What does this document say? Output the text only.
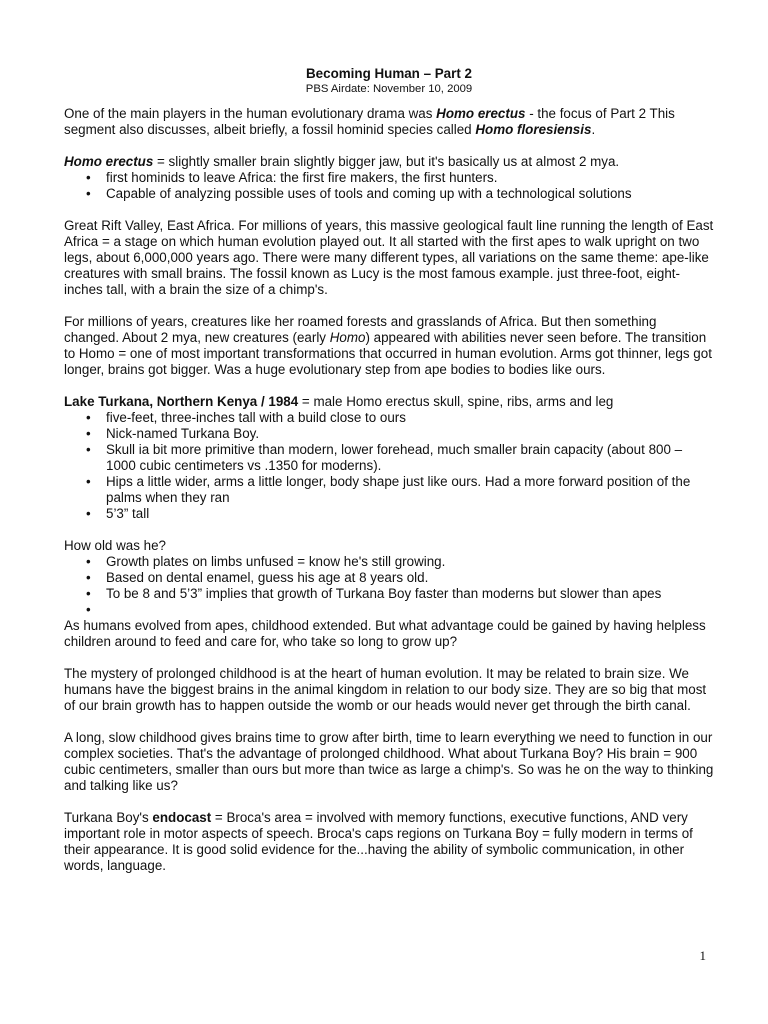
Becoming Human – Part 2

PBS Airdate: November 10, 2009

One of the main players in the human evolutionary drama was Homo erectus - the focus of Part 2 This segment also discusses, albeit briefly, a fossil hominid species called Homo floresiensis.

Homo erectus = slightly smaller brain slightly bigger jaw, but it's basically us at almost 2 mya.

• first hominids to leave Africa: the first fire makers, the first hunters.
• Capable of analyzing possible uses of tools and coming up with a technological solutions

Great Rift Valley, East Africa. For millions of years, this massive geological fault line running the length of East Africa = a stage on which human evolution played out. It all started with the first apes to walk upright on two legs, about 6,000,000 years ago. There were many different types, all variations on the same theme: ape-like creatures with small brains. The fossil known as Lucy is the most famous example. just three-foot, eight-inches tall, with a brain the size of a chimp's.

For millions of years, creatures like her roamed forests and grasslands of Africa. But then something changed. About 2 mya, new creatures (early Homo) appeared with abilities never seen before. The transition to Homo = one of most important transformations that occurred in human evolution. Arms got thinner, legs got longer, brains got bigger. Was a huge evolutionary step from ape bodies to bodies like ours.

Lake Turkana, Northern Kenya / 1984 = male Homo erectus skull, spine, ribs, arms and leg

• five-feet, three-inches tall with a build close to ours
• Nick-named Turkana Boy.
• Skull ia bit more primitive than modern, lower forehead, much smaller brain capacity (about 800 – 1000 cubic centimeters vs .1350 for moderns).
• Hips a little wider, arms a little longer, body shape just like ours. Had a more forward position of the palms when they ran
• 5’3” tall

How old was he?

• Growth plates on limbs unfused = know he's still growing.
• Based on dental enamel, guess his age at 8 years old.
• To be 8 and 5’3” implies that growth of Turkana Boy faster than moderns but slower than apes
•

As humans evolved from apes, childhood extended. But what advantage could be gained by having helpless children around to feed and care for, who take so long to grow up?

The mystery of prolonged childhood is at the heart of human evolution. It may be related to brain size. We humans have the biggest brains in the animal kingdom in relation to our body size. They are so big that most of our brain growth has to happen outside the womb or our heads would never get through the birth canal.

A long, slow childhood gives brains time to grow after birth, time to learn everything we need to function in our complex societies. That's the advantage of prolonged childhood. What about Turkana Boy? His brain = 900 cubic centimeters, smaller than ours but more than twice as large a chimp's. So was he on the way to thinking and talking like us?

Turkana Boy's endocast = Broca's area = involved with memory functions, executive functions, AND very important role in motor aspects of speech. Broca's caps regions on Turkana Boy = fully modern in terms of their appearance. It is good solid evidence for the...having the ability of symbolic communication, in other words, language.

1
